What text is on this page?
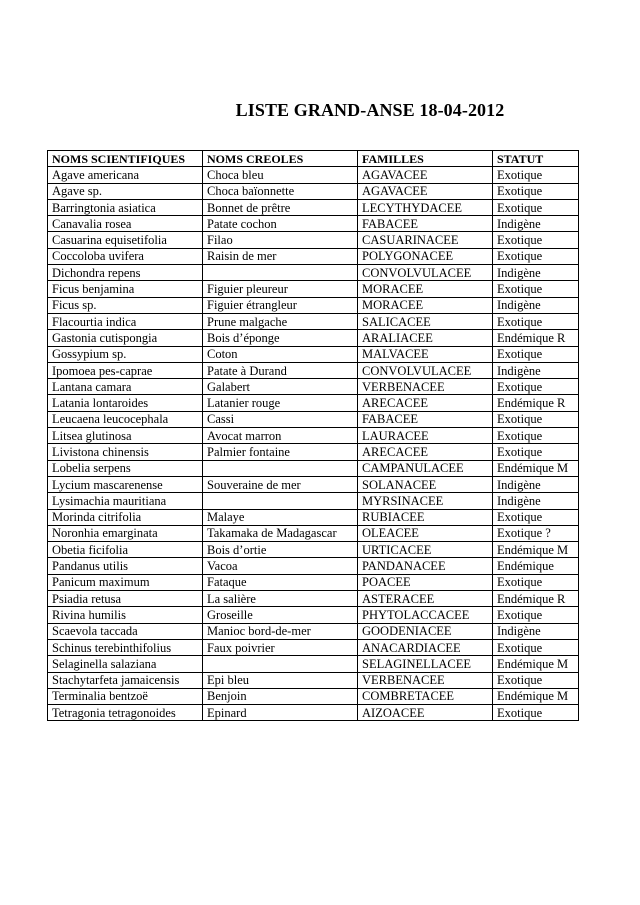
LISTE GRAND-ANSE 18-04-2012
NOMS SCIENTIFIQUES	NOMS CREOLES	FAMILLES	STATUT
Agave americana	Choca bleu	AGAVACEE	Exotique
Agave sp.	Choca baïonnette	AGAVACEE	Exotique
Barringtonia asiatica	Bonnet de prêtre	LECYTHYDACEE	Exotique
Canavalia rosea	Patate cochon	FABACEE	Indigène
Casuarina equisetifolia	Filao	CASUARINACEE	Exotique
Coccoloba uvifera	Raisin de mer	POLYGONACEE	Exotique
Dichondra repens		CONVOLVULACEE	Indigène
Ficus benjamina	Figuier pleureur	MORACEE	Exotique
Ficus sp.	Figuier étrangleur	MORACEE	Indigène
Flacourtia indica	Prune malgache	SALICACEE	Exotique
Gastonia cutispongia	Bois d’éponge	ARALIACEE	Endémique R
Gossypium sp.	Coton	MALVACEE	Exotique
Ipomoea pes-caprae	Patate à Durand	CONVOLVULACEE	Indigène
Lantana camara	Galabert	VERBENACEE	Exotique
Latania lontaroides	Latanier rouge	ARECACEE	Endémique R
Leucaena leucocephala	Cassi	FABACEE	Exotique
Litsea glutinosa	Avocat marron	LAURACEE	Exotique
Livistona chinensis	Palmier fontaine	ARECACEE	Exotique
Lobelia serpens		CAMPANULACEE	Endémique M
Lycium mascarenense	Souveraine de mer	SOLANACEE	Indigène
Lysimachia mauritiana		MYRSINACEE	Indigène
Morinda citrifolia	Malaye	RUBIACEE	Exotique
Noronhia emarginata	Takamaka de Madagascar	OLEACEE	Exotique ?
Obetia ficifolia	Bois d’ortie	URTICACEE	Endémique M
Pandanus utilis	Vacoa	PANDANACEE	Endémique
Panicum maximum	Fataque	POACEE	Exotique
Psiadia retusa	La salière	ASTERACEE	Endémique R
Rivina humilis	Groseille	PHYTOLACCACEE	Exotique
Scaevola taccada	Manioc bord-de-mer	GOODENIACEE	Indigène
Schinus terebinthifolius	Faux poivrier	ANACARDIACEE	Exotique
Selaginella salaziana		SELAGINELLACEE	Endémique M
Stachytarfeta jamaicensis	Epi bleu	VERBENACEE	Exotique
Terminalia bentzoë	Benjoin	COMBRETACEE	Endémique M
Tetragonia tetragonoides	Epinard	AIZOACEE	Exotique
